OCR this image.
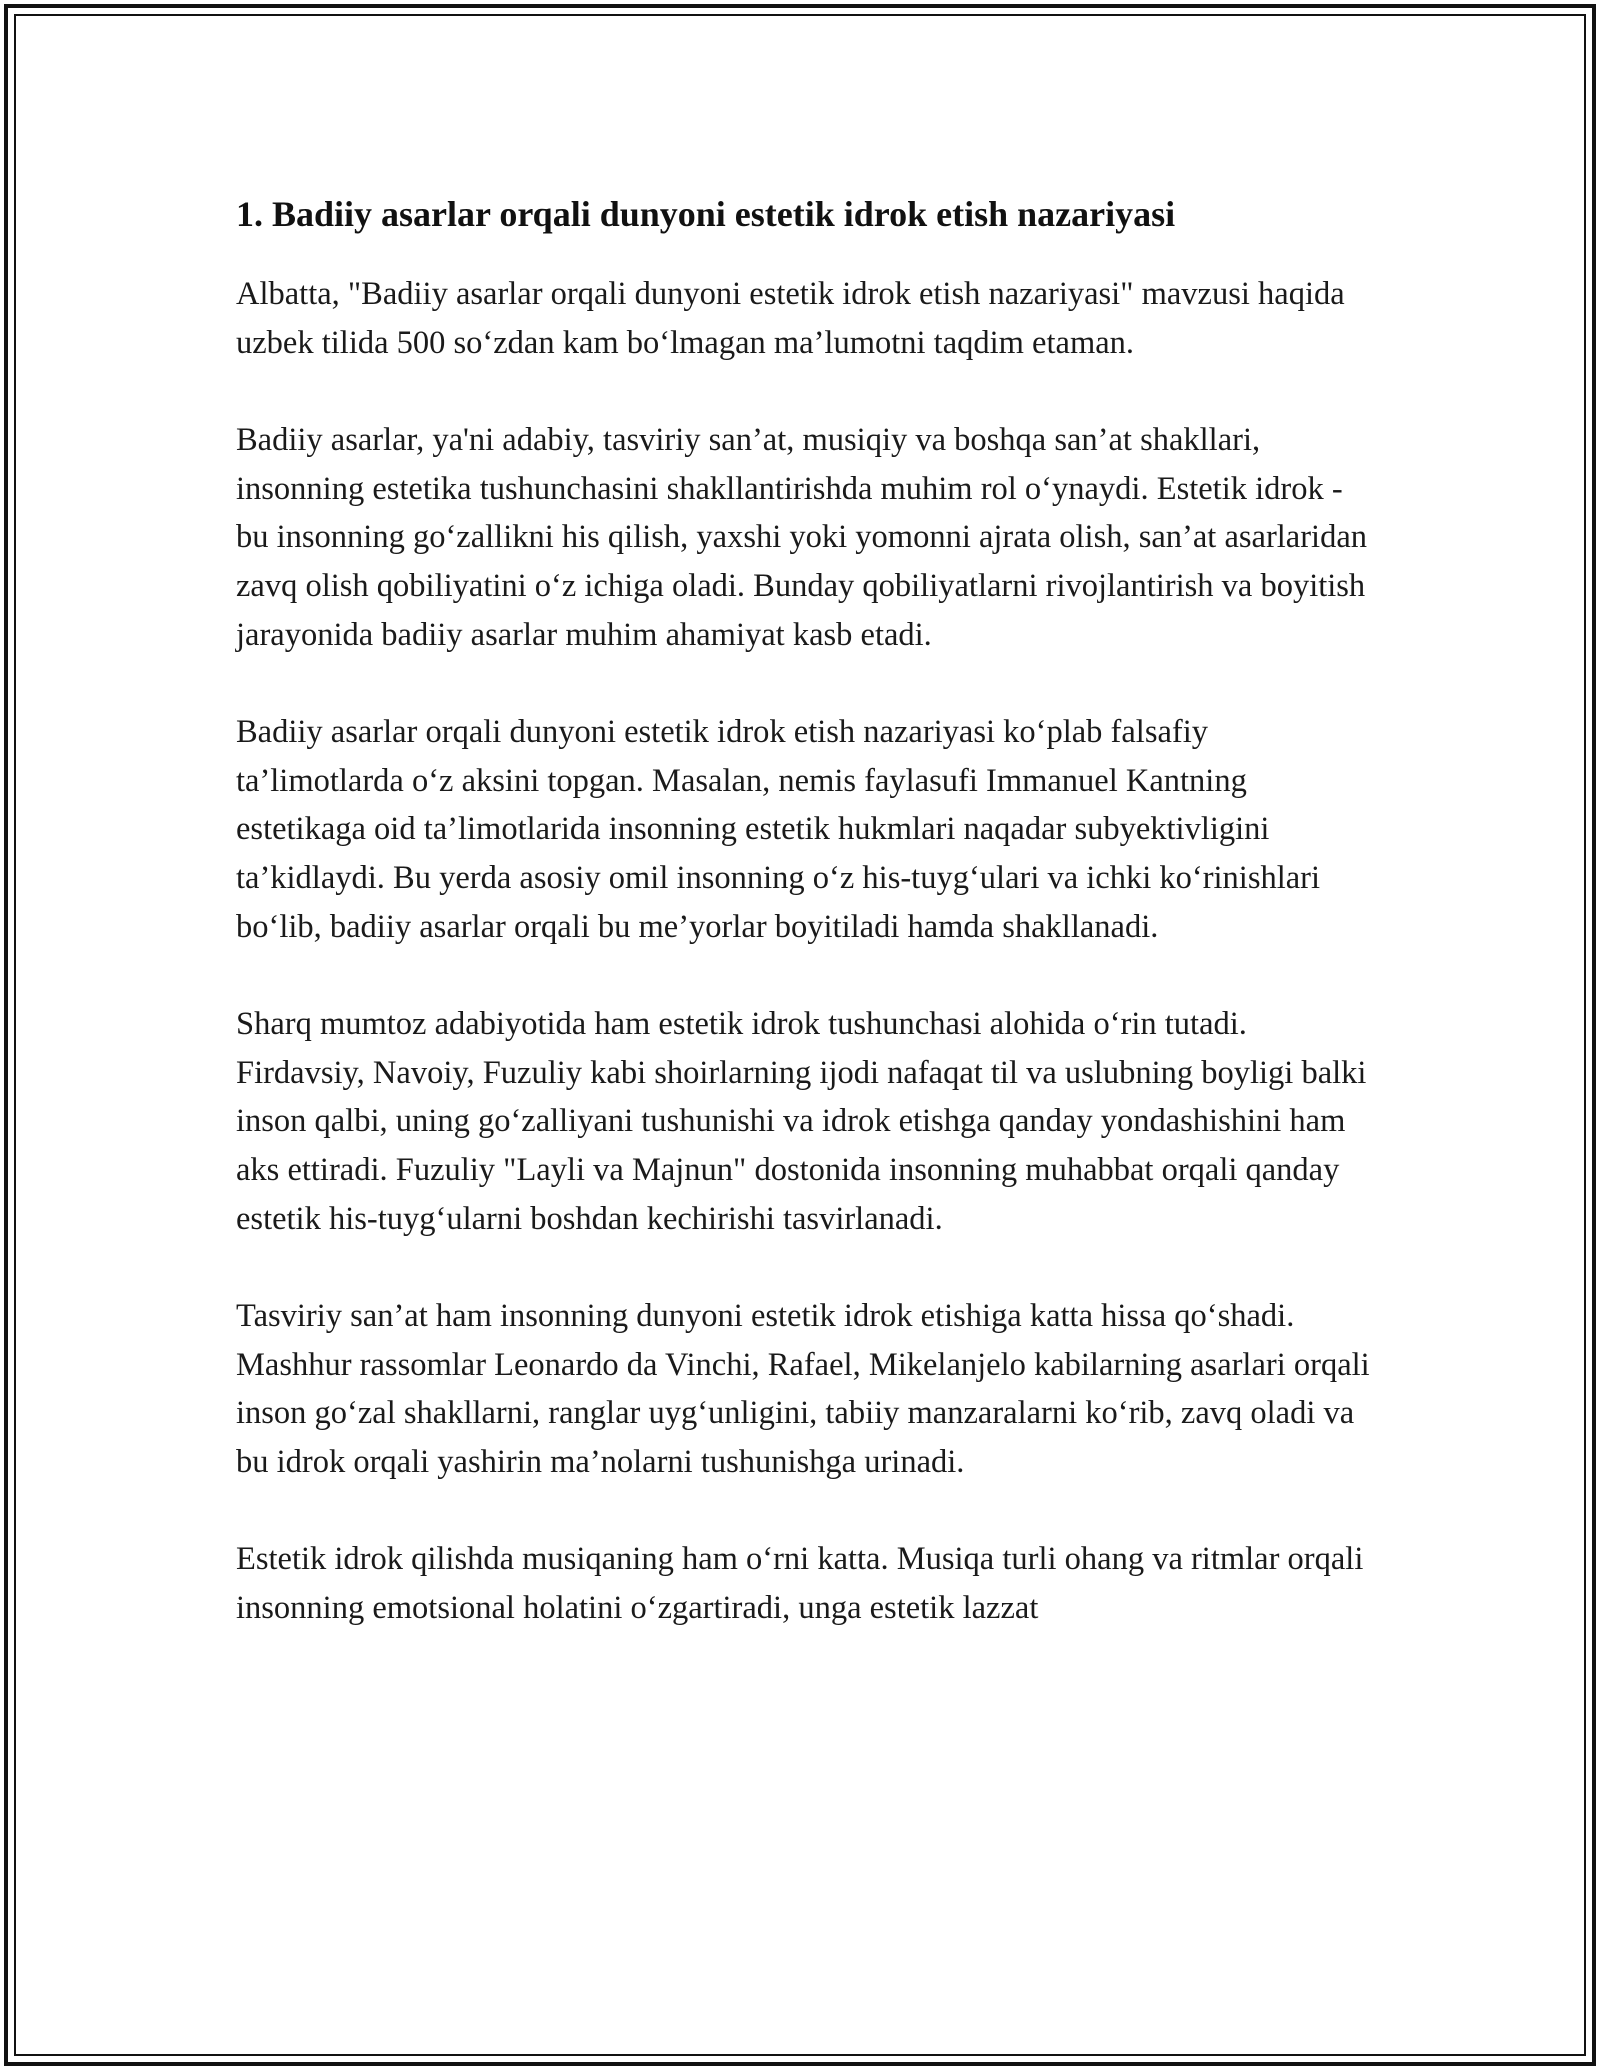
1. Badiiy asarlar orqali dunyoni estetik idrok etish nazariyasi

Albatta, "Badiiy asarlar orqali dunyoni estetik idrok etish nazariyasi" mavzusi haqida uzbek tilida 500 so‘zdan kam bo‘lmagan ma’lumotni taqdim etaman.

Badiiy asarlar, ya'ni adabiy, tasviriy san’at, musiqiy va boshqa san’at shakllari, insonning estetika tushunchasini shakllantirishda muhim rol o‘ynaydi. Estetik idrok - bu insonning go‘zallikni his qilish, yaxshi yoki yomonni ajrata olish, san’at asarlaridan zavq olish qobiliyatini o‘z ichiga oladi. Bunday qobiliyatlarni rivojlantirish va boyitish jarayonida badiiy asarlar muhim ahamiyat kasb etadi.

Badiiy asarlar orqali dunyoni estetik idrok etish nazariyasi ko‘plab falsafiy ta’limotlarda o‘z aksini topgan. Masalan, nemis faylasufi Immanuel Kantning estetikaga oid ta’limotlarida insonning estetik hukmlari naqadar subyektivligini ta’kidlaydi. Bu yerda asosiy omil insonning o‘z his-tuyg‘ulari va ichki ko‘rinishlari bo‘lib, badiiy asarlar orqali bu me’yorlar boyitiladi hamda shakllanadi.

Sharq mumtoz adabiyotida ham estetik idrok tushunchasi alohida o‘rin tutadi. Firdavsiy, Navoiy, Fuzuliy kabi shoirlarning ijodi nafaqat til va uslubning boyligi balki inson qalbi, uning go‘zalliyani tushunishi va idrok etishga qanday yondashishini ham aks ettiradi. Fuzuliy "Layli va Majnun" dostonida insonning muhabbat orqali qanday estetik his-tuyg‘ularni boshdan kechirishi tasvirlanadi.

Tasviriy san’at ham insonning dunyoni estetik idrok etishiga katta hissa qo‘shadi. Mashhur rassomlar Leonardo da Vinchi, Rafael, Mikelanjelo kabilarning asarlari orqali inson go‘zal shakllarni, ranglar uyg‘unligini, tabiiy manzaralarni ko‘rib, zavq oladi va bu idrok orqali yashirin ma’nolarni tushunishga urinadi.

Estetik idrok qilishda musiqaning ham o‘rni katta. Musiqa turli ohang va ritmlar orqali insonning emotsional holatini o‘zgartiradi, unga estetik lazzat
